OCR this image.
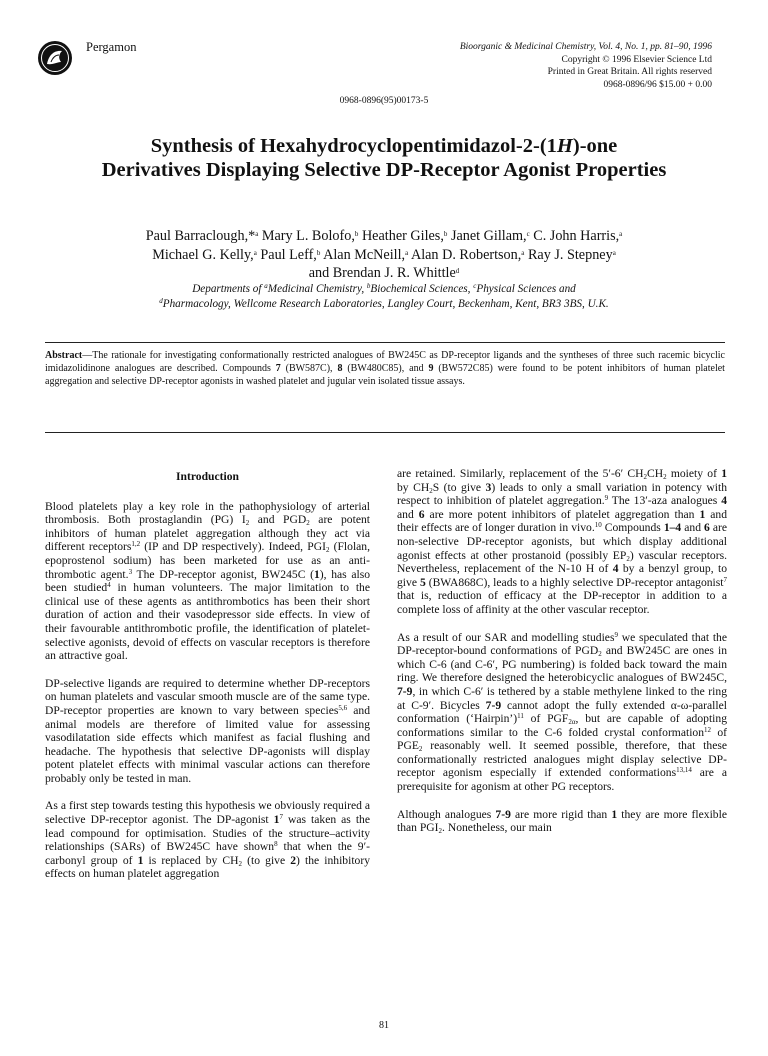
Pergamon	Bioorganic & Medicinal Chemistry, Vol. 4, No. 1, pp. 81–90, 1996
Copyright © 1996 Elsevier Science Ltd
Printed in Great Britain. All rights reserved
0968-0896/96 $15.00 + 0.00
0968-0896(95)00173-5
Synthesis of Hexahydrocyclopentimidazol-2-(1H)-one
Derivatives Displaying Selective DP-Receptor Agonist Properties
Paul Barraclough,*$^a$ Mary L. Bolofo,$^b$ Heather Giles,$^b$ Janet Gillam,$^c$ C. John Harris,$^a$
Michael G. Kelly,$^a$ Paul Leff,$^b$ Alan McNeill,$^a$ Alan D. Robertson,$^a$ Ray J. Stepney$^a$
and Brendan J. R. Whittle$^d$
Departments of $^a$Medicinal Chemistry, $^b$Biochemical Sciences, $^c$Physical Sciences and
$^d$Pharmacology, Wellcome Research Laboratories, Langley Court, Beckenham, Kent, BR3 3BS, U.K.
Abstract—The rationale for investigating conformationally restricted analogues of BW245C as DP-receptor ligands and the syntheses of three such racemic bicyclic imidazolidinone analogues are described. Compounds 7 (BW587C), 8 (BW480C85), and 9 (BW572C85) were found to be potent inhibitors of human platelet aggregation and selective DP-receptor agonists in washed platelet and jugular vein isolated tissue assays.
Introduction

Blood platelets play a key role in the pathophysiology of arterial thrombosis. Both prostaglandin (PG) $I_2$ and $PGD_2$ are potent inhibitors of human platelet aggregation although they act via different receptors$^{1,2}$ (IP and DP respectively). Indeed, $PGI_2$ (Flolan, epoprostenol sodium) has been marketed for use as an anti-thrombotic agent.$^3$ The DP-receptor agonist, BW245C (1), has also been studied$^4$ in human volunteers. The major limitation to the clinical use of these agents as antithrombotics has been their short duration of action and their vasodepressor side effects. In view of their favourable antithrombotic profile, the identification of platelet-selective agonists, devoid of effects on vascular receptors is therefore an attractive goal.

DP-selective ligands are required to determine whether DP-receptors on human platelets and vascular smooth muscle are of the same type. DP-receptor properties are known to vary between species$^{5,6}$ and animal models are therefore of limited value for assessing vasodilatation side effects which manifest as facial flushing and headache. The hypothesis that selective DP-agonists will display potent platelet effects with minimal vascular actions can therefore probably only be tested in man.

As a first step towards testing this hypothesis we obviously required a selective DP-receptor agonist. The DP-agonist $1^7$ was taken as the lead compound for optimisation. Studies of the structure–activity relationships (SARs) of BW245C have shown$^8$ that when the 9′-carbonyl group of 1 is replaced by $CH_2$ (to give 2) the inhibitory effects on human platelet aggregation

are retained. Similarly, replacement of the 5′-6′ $CH_2CH_2$ moiety of 1 by $CH_2S$ (to give 3) leads to only a small variation in potency with respect to inhibition of platelet aggregation.$^9$ The 13′-aza analogues 4 and 6 are more potent inhibitors of platelet aggregation than 1 and their effects are of longer duration in vivo.$^{10}$ Compounds 1–4 and 6 are non-selective DP-receptor agonists, but which display additional agonist effects at other prostanoid (possibly $EP_2$) vascular receptors. Nevertheless, replacement of the N-10 H of 4 by a benzyl group, to give 5 (BWA868C), leads to a highly selective DP-receptor antagonist$^7$ that is, reduction of efficacy at the DP-receptor in addition to a complete loss of affinity at the other vascular receptor.

As a result of our SAR and modelling studies$^9$ we speculated that the DP-receptor-bound conformations of $PGD_2$ and BW245C are ones in which C-6 (and C-6′, PG numbering) is folded back toward the main ring. We therefore designed the heterobicyclic analogues of BW245C, 7-9, in which C-6′ is tethered by a stable methylene linked to the ring at C-9′. Bicycles 7-9 cannot adopt the fully extended α-ω-parallel conformation (‘Hairpin’)$^{11}$ of $PGF_{2\alpha}$, but are capable of adopting conformations similar to the C-6 folded crystal conformation$^{12}$ of $PGE_2$ reasonably well. It seemed possible, therefore, that these conformationally restricted analogues might display selective DP-receptor agonism especially if extended conformations$^{13,14}$ are a prerequisite for agonism at other PG receptors.

Although analogues 7-9 are more rigid than 1 they are more flexible than $PGI_2$. Nonetheless, our main

81
